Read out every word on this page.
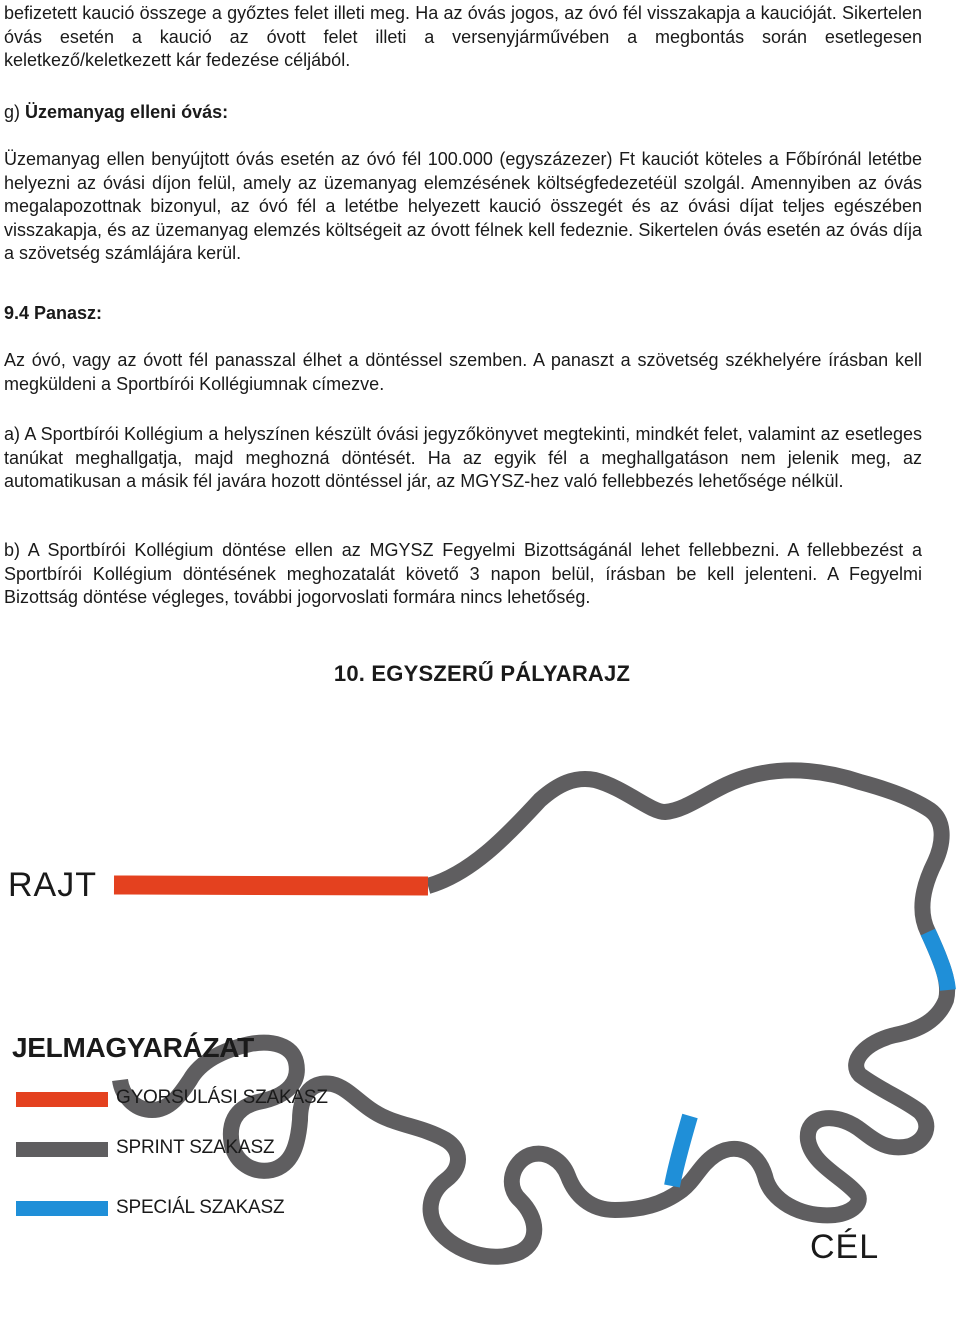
befizetett kaució összege a győztes felet illeti meg. Ha az óvás jogos, az óvó fél visszakapja a kaucióját. Sikertelen óvás esetén a kaució az óvott felet illeti a versenyjárművében a megbontás során esetlegesen keletkező/keletkezett kár fedezése céljából.

g) Üzemanyag elleni óvás:

Üzemanyag ellen benyújtott óvás esetén az óvó fél 100.000 (egyszázezer) Ft kauciót köteles a Főbírónál letétbe helyezni az óvási díjon felül, amely az üzemanyag elemzésének költségfedezetéül szolgál. Amennyiben az óvás megalapozottnak bizonyul, az óvó fél a letétbe helyezett kaució összegét és az óvási díjat teljes egészében visszakapja, és az üzemanyag elemzés költségeit az óvott félnek kell fedeznie. Sikertelen óvás esetén az óvás díja a szövetség számlájára kerül.

9.4 Panasz:

Az óvó, vagy az óvott fél panasszal élhet a döntéssel szemben. A panaszt a szövetség székhelyére írásban kell megküldeni a Sportbírói Kollégiumnak címezve.

a) A Sportbírói Kollégium a helyszínen készült óvási jegyzőkönyvet megtekinti, mindkét felet, valamint az esetleges tanúkat meghallgatja, majd meghozná döntését. Ha az egyik fél a meghallgatáson nem jelenik meg, az automatikusan a másik fél javára hozott döntéssel jár, az MGYSZ-hez való fellebbezés lehetősége nélkül.

b) A Sportbírói Kollégium döntése ellen az MGYSZ Fegyelmi Bizottságánál lehet fellebbezni. A fellebbezést a Sportbírói Kollégium döntésének meghozatalát követő 3 napon belül, írásban be kell jelenteni. A Fegyelmi Bizottság döntése végleges, további jogorvoslati formára nincs lehetőség.

10. EGYSZERŰ PÁLYARAJZ

RAJT

CÉL

JELMAGYARÁZAT

GYORSULÁSI SZAKASZ
SPRINT SZAKASZ
SPECIÁL SZAKASZ
